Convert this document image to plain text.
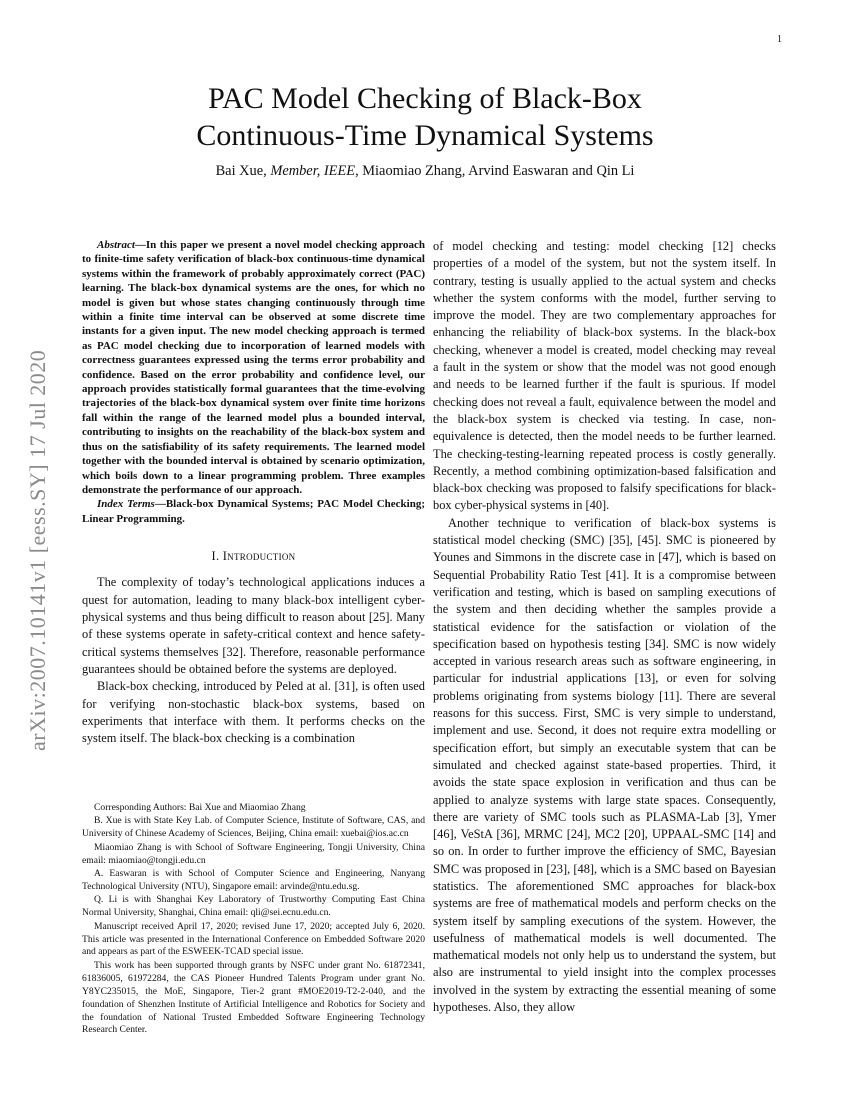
1
arXiv:2007.10141v1 [eess.SY] 17 Jul 2020
PAC Model Checking of Black-Box
Continuous-Time Dynamical Systems
Bai Xue, Member, IEEE, Miaomiao Zhang, Arvind Easwaran and Qin Li

Abstract—In this paper we present a novel model checking approach to finite-time safety verification of black-box continuous-time dynamical systems within the framework of probably approximately correct (PAC) learning. The black-box dynamical systems are the ones, for which no model is given but whose states changing continuously through time within a finite time interval can be observed at some discrete time instants for a given input. The new model checking approach is termed as PAC model checking due to incorporation of learned models with correctness guarantees expressed using the terms error probability and confidence. Based on the error probability and confidence level, our approach provides statistically formal guarantees that the time-evolving trajectories of the black-box dynamical system over finite time horizons fall within the range of the learned model plus a bounded interval, contributing to insights on the reachability of the black-box system and thus on the satisfiability of its safety requirements. The learned model together with the bounded interval is obtained by scenario optimization, which boils down to a linear programming problem. Three examples demonstrate the performance of our approach.

Index Terms—Black-box Dynamical Systems; PAC Model Checking; Linear Programming.

I. Introduction

The complexity of today’s technological applications induces a quest for automation, leading to many black-box intelligent cyber-physical systems and thus being difficult to reason about [25]. Many of these systems operate in safety-critical context and hence safety-critical systems themselves [32]. Therefore, reasonable performance guarantees should be obtained before the systems are deployed.

Black-box checking, introduced by Peled at al. [31], is often used for verifying non-stochastic black-box systems, based on experiments that interface with them. It performs checks on the system itself. The black-box checking is a combination

Corresponding Authors: Bai Xue and Miaomiao Zhang

B. Xue is with State Key Lab. of Computer Science, Institute of Software, CAS, and University of Chinese Academy of Sciences, Beijing, China email: xuebai@ios.ac.cn

Miaomiao Zhang is with School of Software Engineering, Tongji University, China email: miaomiao@tongji.edu.cn

A. Easwaran is with School of Computer Science and Engineering, Nanyang Technological University (NTU), Singapore email: arvinde@ntu.edu.sg.

Q. Li is with Shanghai Key Laboratory of Trustworthy Computing East China Normal University, Shanghai, China email: qli@sei.ecnu.edu.cn.

Manuscript received April 17, 2020; revised June 17, 2020; accepted July 6, 2020. This article was presented in the International Conference on Embedded Software 2020 and appears as part of the ESWEEK-TCAD special issue.

This work has been supported through grants by NSFC under grant No. 61872341, 61836005, 61972284, the CAS Pioneer Hundred Talents Program under grant No. Y8YC235015, the MoE, Singapore, Tier-2 grant #MOE2019-T2-2-040, and the foundation of Shenzhen Institute of Artificial Intelligence and Robotics for Society and the foundation of National Trusted Embedded Software Engineering Technology Research Center.

of model checking and testing: model checking [12] checks properties of a model of the system, but not the system itself. In contrary, testing is usually applied to the actual system and checks whether the system conforms with the model, further serving to improve the model. They are two complementary approaches for enhancing the reliability of black-box systems. In the black-box checking, whenever a model is created, model checking may reveal a fault in the system or show that the model was not good enough and needs to be learned further if the fault is spurious. If model checking does not reveal a fault, equivalence between the model and the black-box system is checked via testing. In case, non-equivalence is detected, then the model needs to be further learned. The checking-testing-learning repeated process is costly generally. Recently, a method combining optimization-based falsification and black-box checking was proposed to falsify specifications for black-box cyber-physical systems in [40].

Another technique to verification of black-box systems is statistical model checking (SMC) [35], [45]. SMC is pioneered by Younes and Simmons in the discrete case in [47], which is based on Sequential Probability Ratio Test [41]. It is a compromise between verification and testing, which is based on sampling executions of the system and then deciding whether the samples provide a statistical evidence for the satisfaction or violation of the specification based on hypothesis testing [34]. SMC is now widely accepted in various research areas such as software engineering, in particular for industrial applications [13], or even for solving problems originating from systems biology [11]. There are several reasons for this success. First, SMC is very simple to understand, implement and use. Second, it does not require extra modelling or specification effort, but simply an executable system that can be simulated and checked against state-based properties. Third, it avoids the state space explosion in verification and thus can be applied to analyze systems with large state spaces. Consequently, there are variety of SMC tools such as PLASMA-Lab [3], Ymer [46], VeStA [36], MRMC [24], MC2 [20], UPPAAL-SMC [14] and so on. In order to further improve the efficiency of SMC, Bayesian SMC was proposed in [23], [48], which is a SMC based on Bayesian statistics. The aforementioned SMC approaches for black-box systems are free of mathematical models and perform checks on the system itself by sampling executions of the system. However, the usefulness of mathematical models is well documented. The mathematical models not only help us to understand the system, but also are instrumental to yield insight into the complex processes involved in the system by extracting the essential meaning of some hypotheses. Also, they allow
